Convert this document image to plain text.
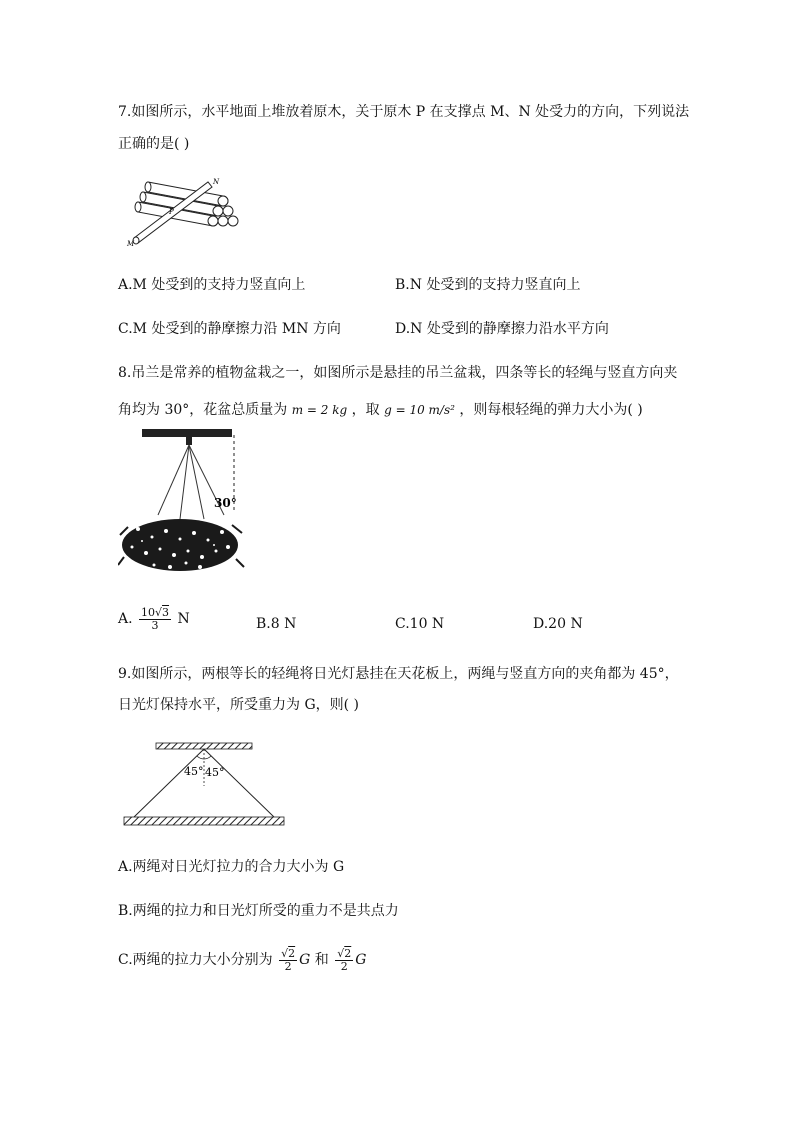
7.如图所示，水平地面上堆放着原木，关于原木 P 在支撑点 M、N 处受力的方向，下列说法
正确的是( )
N
P
M
A.M 处受到的支持力竖直向上	B.N 处受到的支持力竖直向上
C.M 处受到的静摩擦力沿 MN 方向	D.N 处受到的静摩擦力沿水平方向
8.吊兰是常养的植物盆栽之一，如图所示是悬挂的吊兰盆栽，四条等长的轻绳与竖直方向夹
角均为 30°，花盆总质量为 m = 2 kg ，取 g = 10 m/s² ，则每根轻绳的弹力大小为( )
30°
A. $\frac{10√3}{3}$ N	B.8 N	C.10 N	D.20 N
9.如图所示，两根等长的轻绳将日光灯悬挂在天花板上，两绳与竖直方向的夹角都为 45°，
日光灯保持水平，所受重力为 G，则( )
45° 45°
A.两绳对日光灯拉力的合力大小为 G
B.两绳的拉力和日光灯所受的重力不是共点力
C.两绳的拉力大小分别为 $\frac{√2}{2}$ G 和 $\frac{√2}{2}$ G
